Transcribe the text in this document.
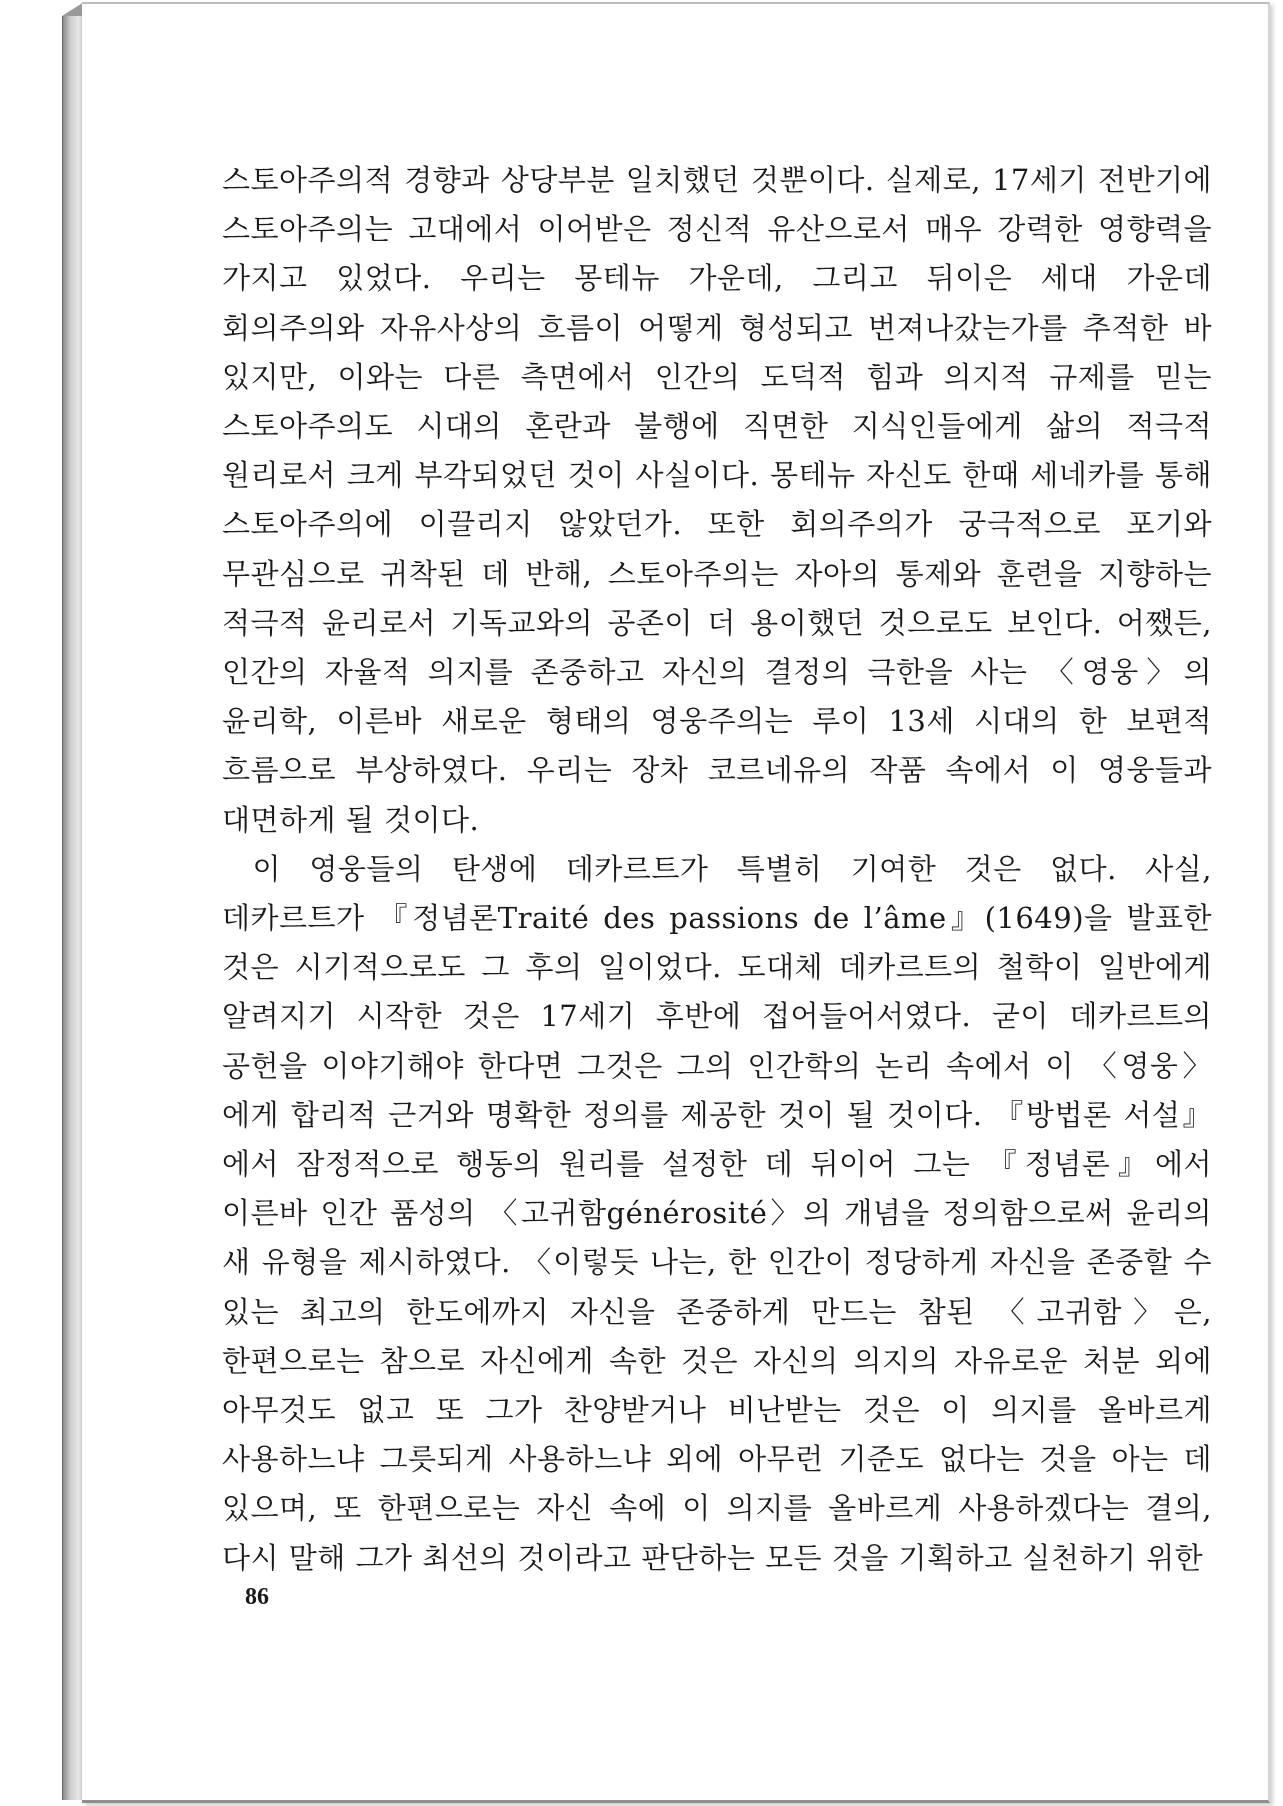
스토아주의적 경향과 상당부분 일치했던 것뿐이다. 실제로, 17세기 전반기에 스토아주의는 고대에서 이어받은 정신적 유산으로서 매우 강력한 영향력을 가지고 있었다. 우리는 몽테뉴 가운데, 그리고 뒤이은 세대 가운데 회의주의와 자유사상의 흐름이 어떻게 형성되고 번져나갔는가를 추적한 바 있지만, 이와는 다른 측면에서 인간의 도덕적 힘과 의지적 규제를 믿는 스토아주의도 시대의 혼란과 불행에 직면한 지식인들에게 삶의 적극적 원리로서 크게 부각되었던 것이 사실이다. 몽테뉴 자신도 한때 세네카를 통해 스토아주의에 이끌리지 않았던가. 또한 회의주의가 궁극적으로 포기와 무관심으로 귀착된 데 반해, 스토아주의는 자아의 통제와 훈련을 지향하는 적극적 윤리로서 기독교와의 공존이 더 용이했던 것으로도 보인다. 어쨌든, 인간의 자율적 의지를 존중하고 자신의 결정의 극한을 사는 〈영웅〉의 윤리학, 이른바 새로운 형태의 영웅주의는 루이 13세 시대의 한 보편적 흐름으로 부상하였다. 우리는 장차 코르네유의 작품 속에서 이 영웅들과 대면하게 될 것이다.

이 영웅들의 탄생에 데카르트가 특별히 기여한 것은 없다. 사실, 데카르트가 『정념론Traité des passions de l’âme』(1649)을 발표한 것은 시기적으로도 그 후의 일이었다. 도대체 데카르트의 철학이 일반에게 알려지기 시작한 것은 17세기 후반에 접어들어서였다. 굳이 데카르트의 공헌을 이야기해야 한다면 그것은 그의 인간학의 논리 속에서 이 〈영웅〉에게 합리적 근거와 명확한 정의를 제공한 것이 될 것이다. 『방법론 서설』에서 잠정적으로 행동의 원리를 설정한 데 뒤이어 그는 『정념론』에서 이른바 인간 품성의 〈고귀함générosité〉의 개념을 정의함으로써 윤리의 새 유형을 제시하였다. 〈이렇듯 나는, 한 인간이 정당하게 자신을 존중할 수 있는 최고의 한도에까지 자신을 존중하게 만드는 참된 〈고귀함〉은, 한편으로는 참으로 자신에게 속한 것은 자신의 의지의 자유로운 처분 외에 아무것도 없고 또 그가 찬양받거나 비난받는 것은 이 의지를 올바르게 사용하느냐 그릇되게 사용하느냐 외에 아무런 기준도 없다는 것을 아는 데 있으며, 또 한편으로는 자신 속에 이 의지를 올바르게 사용하겠다는 결의, 다시 말해 그가 최선의 것이라고 판단하는 모든 것을 기획하고 실천하기 위한

86
